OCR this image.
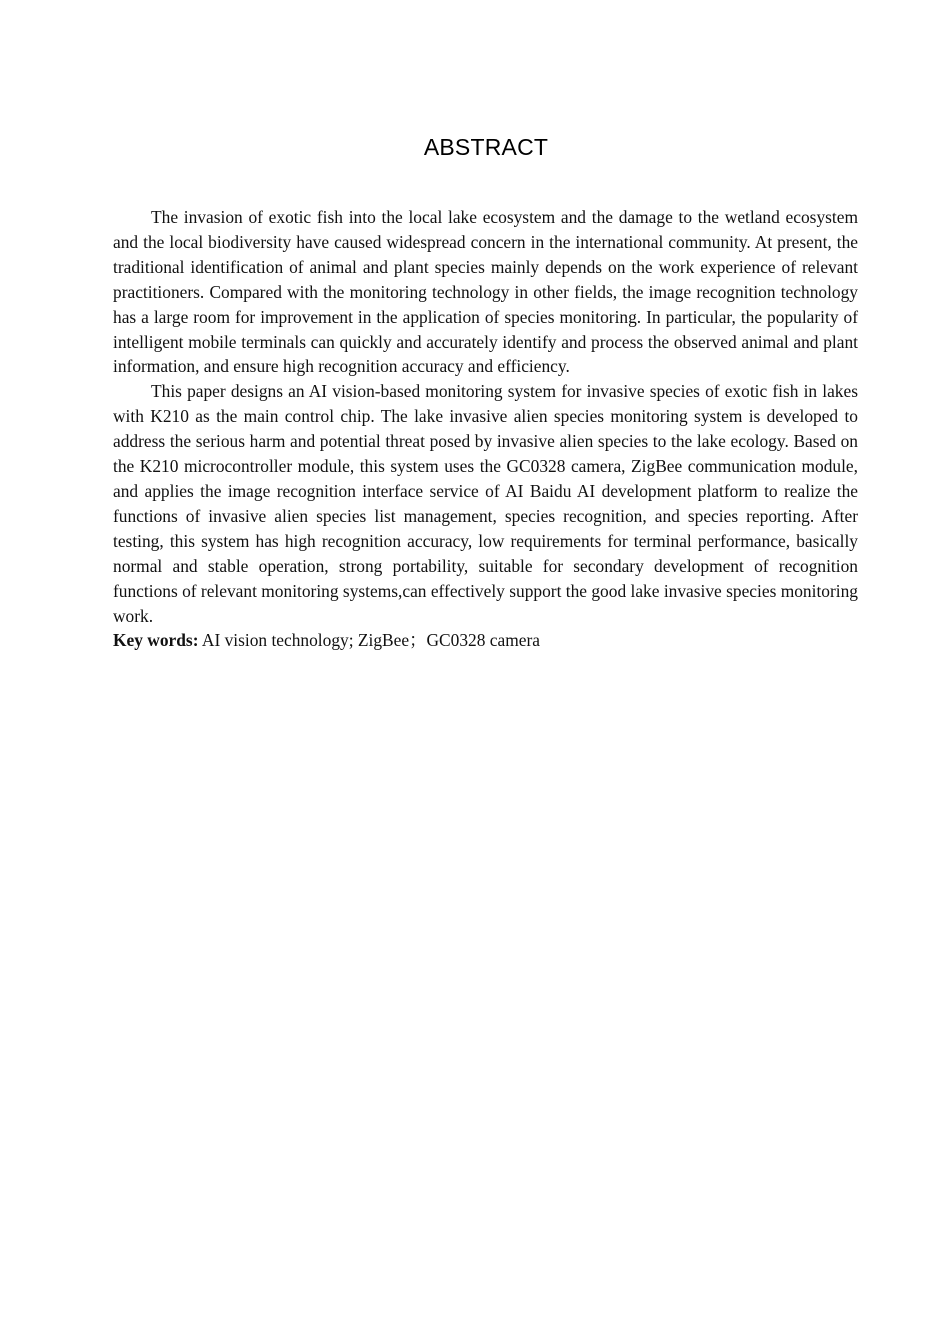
ABSTRACT

The invasion of exotic fish into the local lake ecosystem and the damage to the wetland ecosystem and the local biodiversity have caused widespread concern in the international community. At present, the traditional identification of animal and plant species mainly depends on the work experience of relevant practitioners. Compared with the monitoring technology in other fields, the image recognition technology has a large room for improvement in the application of species monitoring. In particular, the popularity of intelligent mobile terminals can quickly and accurately identify and process the observed animal and plant information, and ensure high recognition accuracy and efficiency.

This paper designs an AI vision-based monitoring system for invasive species of exotic fish in lakes with K210 as the main control chip. The lake invasive alien species monitoring system is developed to address the serious harm and potential threat posed by invasive alien species to the lake ecology. Based on the K210 microcontroller module, this system uses the GC0328 camera, ZigBee communication module, and applies the image recognition interface service of AI Baidu AI development platform to realize the functions of invasive alien species list management, species recognition, and species reporting. After testing, this system has high recognition accuracy, low requirements for terminal performance, basically normal and stable operation, strong portability, suitable for secondary development of recognition functions of relevant monitoring systems,can effectively support the good lake invasive species monitoring work.

Key words: AI vision technology; ZigBee；GC0328 camera
